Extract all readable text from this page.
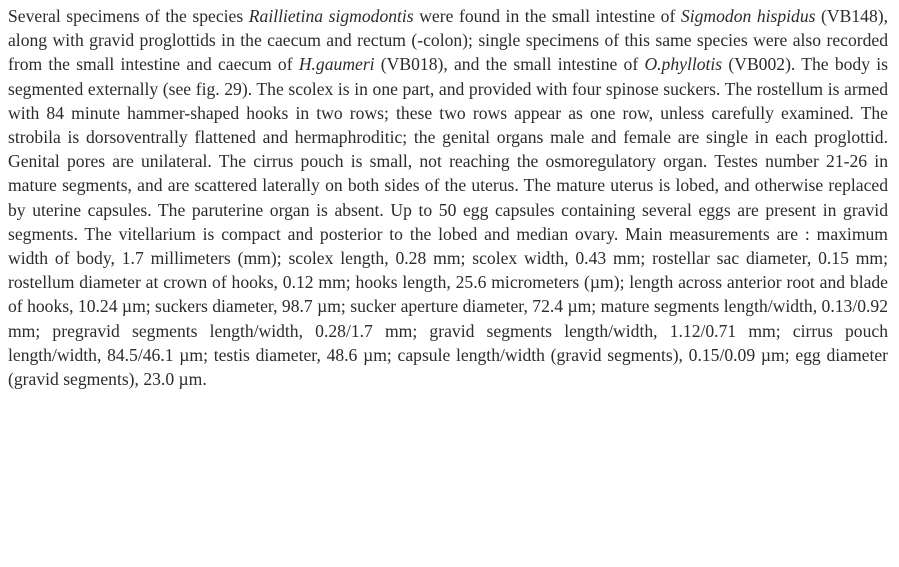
Several specimens of the species Raillietina sigmodontis were found in the small intestine of Sigmodon hispidus (VB148), along with gravid proglottids in the caecum and rectum (-colon); single specimens of this same species were also recorded from the small intestine and caecum of H.gaumeri (VB018), and the small intestine of O.phyllotis (VB002). The body is segmented externally (see fig. 29). The scolex is in one part, and provided with four spinose suckers. The rostellum is armed with 84 minute hammer-shaped hooks in two rows; these two rows appear as one row, unless carefully examined. The strobila is dorsoventrally flattened and hermaphroditic; the genital organs male and female are single in each proglottid. Genital pores are unilateral. The cirrus pouch is small, not reaching the osmoregulatory organ. Testes number 21-26 in mature segments, and are scattered laterally on both sides of the uterus. The mature uterus is lobed, and otherwise replaced by uterine capsules. The paruterine organ is absent. Up to 50 egg capsules containing several eggs are present in gravid segments. The vitellarium is compact and posterior to the lobed and median ovary. Main measurements are : maximum width of body, 1.7 millimeters (mm); scolex length, 0.28 mm; scolex width, 0.43 mm; rostellar sac diameter, 0.15 mm; rostellum diameter at crown of hooks, 0.12 mm; hooks length, 25.6 micrometers (µm); length across anterior root and blade of hooks, 10.24 µm; suckers diameter, 98.7 µm; sucker aperture diameter, 72.4 µm; mature segments length/width, 0.13/0.92 mm; pregravid segments length/width, 0.28/1.7 mm; gravid segments length/width, 1.12/0.71 mm; cirrus pouch length/width, 84.5/46.1 µm; testis diameter, 48.6 µm; capsule length/width (gravid segments), 0.15/0.09 µm; egg diameter (gravid segments), 23.0 µm.
